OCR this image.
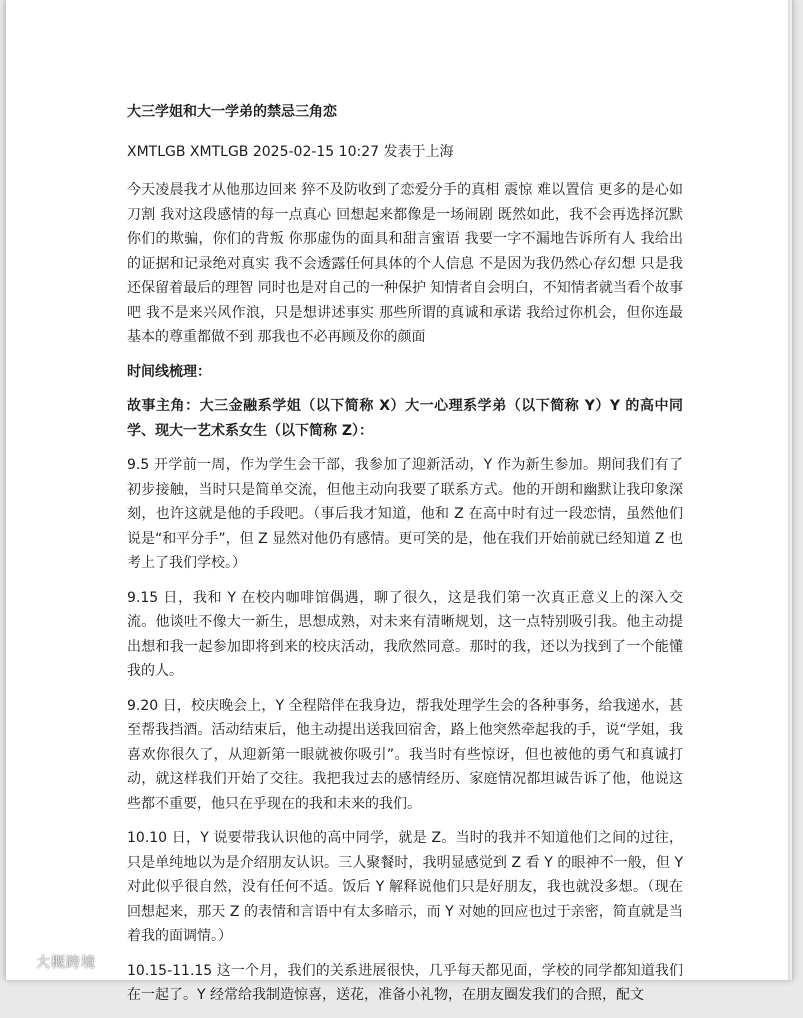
大三学姐和大一学弟的禁忌三角恋
XMTLGB XMTLGB 2025-02-15 10:27 发表于上海
今天凌晨我才从他那边回来 猝不及防收到了恋爱分手的真相 震惊 难以置信 更多的是心如刀割 我对这段感情的每一点真心 回想起来都像是一场闹剧 既然如此，我不会再选择沉默 你们的欺骗，你们的背叛 你那虚伪的面具和甜言蜜语 我要一字不漏地告诉所有人 我给出的证据和记录绝对真实 我不会透露任何具体的个人信息 不是因为我仍然心存幻想 只是我还保留着最后的理智 同时也是对自己的一种保护 知情者自会明白，不知情者就当看个故事吧 我不是来兴风作浪，只是想讲述事实 那些所谓的真诚和承诺 我给过你机会，但你连最基本的尊重都做不到 那我也不必再顾及你的颜面
时间线梳理：
故事主角：大三金融系学姐（以下简称 X）大一心理系学弟（以下简称 Y）Y 的高中同学、现大一艺术系女生（以下简称 Z）：
9.5 开学前一周，作为学生会干部，我参加了迎新活动，Y 作为新生参加。期间我们有了初步接触，当时只是简单交流，但他主动向我要了联系方式。他的开朗和幽默让我印象深刻，也许这就是他的手段吧。（事后我才知道，他和 Z 在高中时有过一段恋情，虽然他们说是“和平分手”，但 Z 显然对他仍有感情。更可笑的是，他在我们开始前就已经知道 Z 也考上了我们学校。）
9.15 日，我和 Y 在校内咖啡馆偶遇，聊了很久，这是我们第一次真正意义上的深入交流。他谈吐不像大一新生，思想成熟，对未来有清晰规划，这一点特别吸引我。他主动提出想和我一起参加即将到来的校庆活动，我欣然同意。那时的我，还以为找到了一个能懂我的人。
9.20 日，校庆晚会上，Y 全程陪伴在我身边，帮我处理学生会的各种事务，给我递水，甚至帮我挡酒。活动结束后，他主动提出送我回宿舍，路上他突然牵起我的手，说“学姐，我喜欢你很久了，从迎新第一眼就被你吸引”。我当时有些惊讶，但也被他的勇气和真诚打动，就这样我们开始了交往。我把我过去的感情经历、家庭情况都坦诚告诉了他，他说这些都不重要，他只在乎现在的我和未来的我们。
10.10 日，Y 说要带我认识他的高中同学，就是 Z。当时的我并不知道他们之间的过往，只是单纯地以为是介绍朋友认识。三人聚餐时，我明显感觉到 Z 看 Y 的眼神不一般，但 Y 对此似乎很自然，没有任何不适。饭后 Y 解释说他们只是好朋友，我也就没多想。（现在回想起来，那天 Z 的表情和言语中有太多暗示，而 Y 对她的回应也过于亲密，简直就是当着我的面调情。）
10.15-11.15 这一个月，我们的关系进展很快，几乎每天都见面，学校的同学都知道我们在一起了。Y 经常给我制造惊喜，送花，准备小礼物，在朋友圈发我们的合照，配文
大概跨境
